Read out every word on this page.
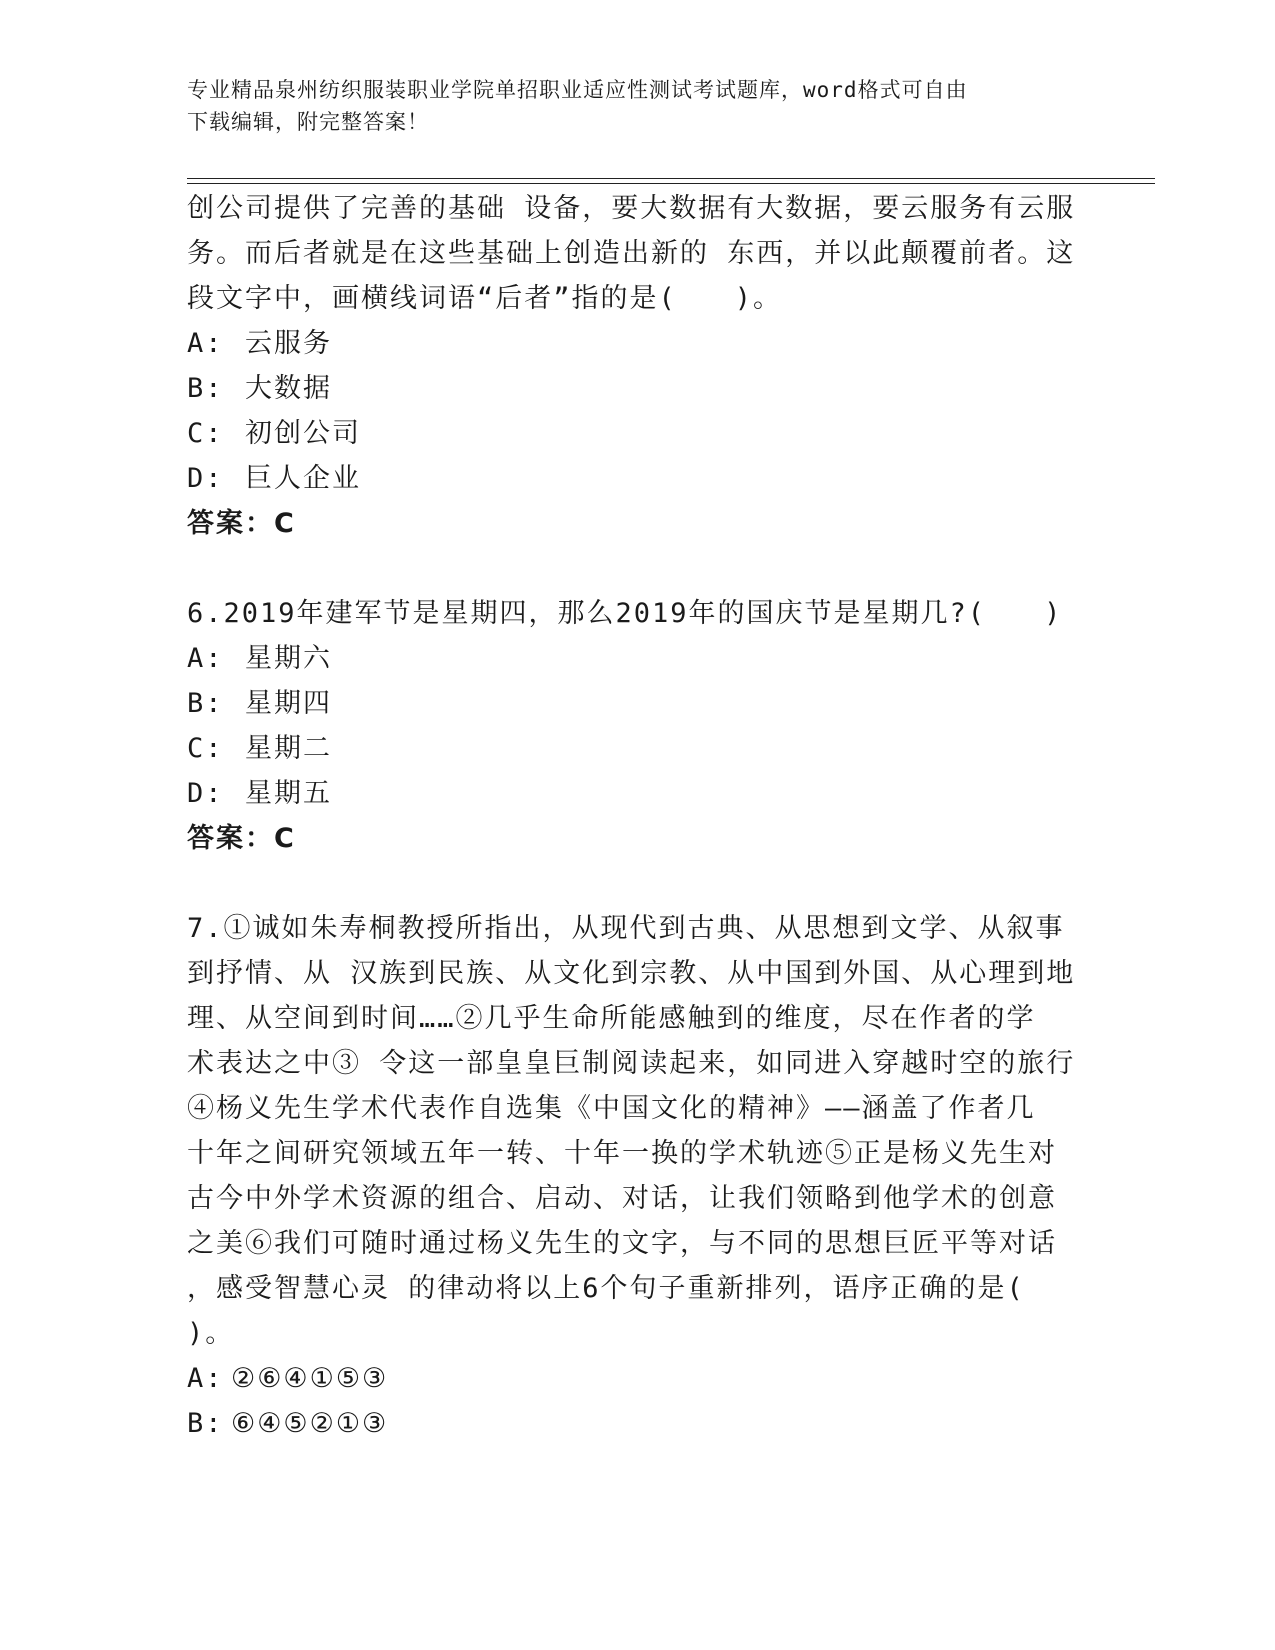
专业精品泉州纺织服装职业学院单招职业适应性测试考试题库，word格式可自由
下载编辑，附完整答案！
创公司提供了完善的基础 设备，要大数据有大数据，要云服务有云服
务。而后者就是在这些基础上创造出新的 东西，并以此颠覆前者。这
段文字中，画横线词语“后者”指的是(　　)。
A: 云服务
B: 大数据
C: 初创公司
D: 巨人企业
答案：C
6.2019年建军节是星期四，那么2019年的国庆节是星期几?(　　)
A: 星期六
B: 星期四
C: 星期二
D: 星期五
答案：C
7.①诚如朱寿桐教授所指出，从现代到古典、从思想到文学、从叙事
到抒情、从 汉族到民族、从文化到宗教、从中国到外国、从心理到地
理、从空间到时间……②几乎生命所能感触到的维度，尽在作者的学
术表达之中③ 令这一部皇皇巨制阅读起来，如同进入穿越时空的旅行
④杨义先生学术代表作自选集《中国文化的精神》——涵盖了作者几
十年之间研究领域五年一转、十年一换的学术轨迹⑤正是杨义先生对
古今中外学术资源的组合、启动、对话，让我们领略到他学术的创意
之美⑥我们可随时通过杨义先生的文字，与不同的思想巨匠平等对话
，感受智慧心灵 的律动将以上6个句子重新排列，语序正确的是(
)。
A: ②⑥④①⑤③
B: ⑥④⑤②①③
